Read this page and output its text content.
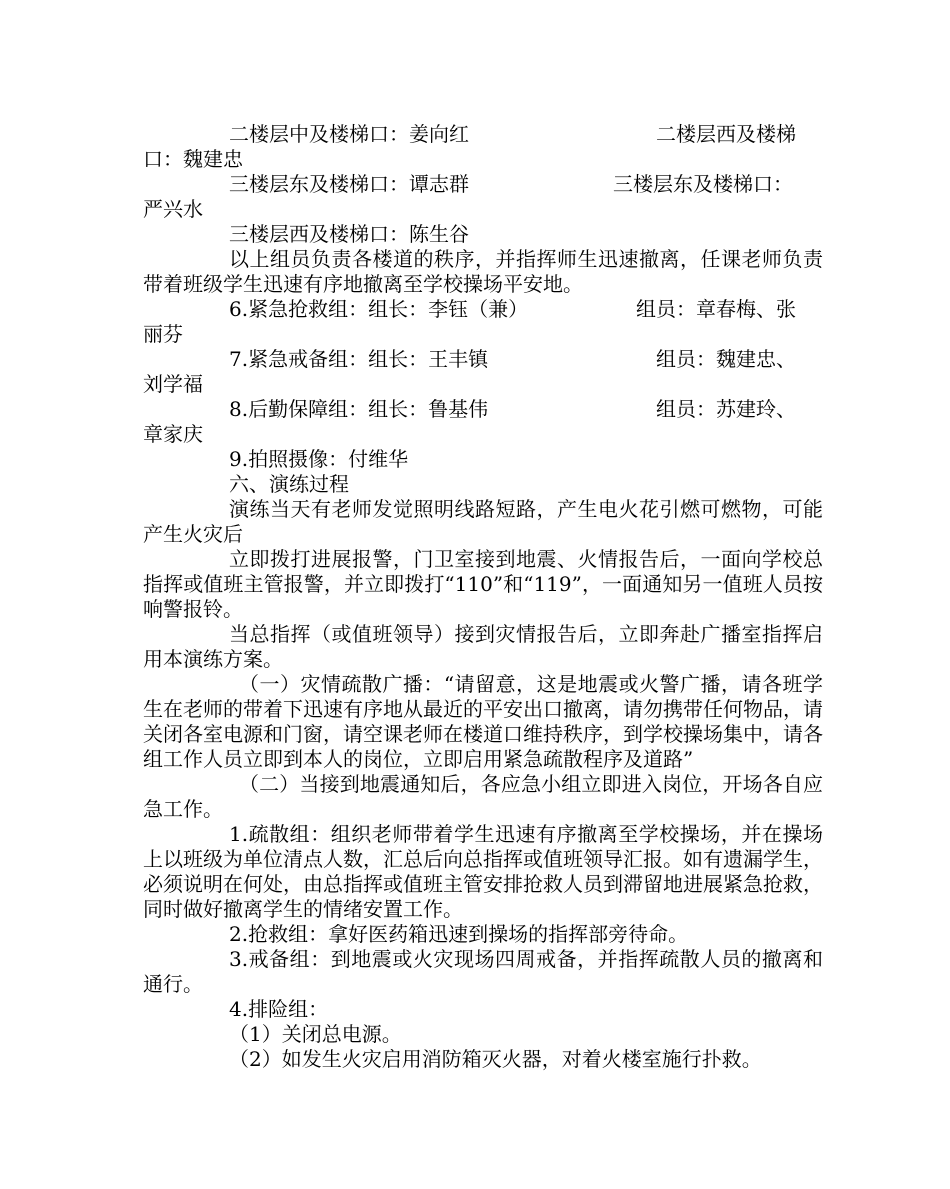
二楼层中及楼梯口：姜向红	二楼层西及楼梯
口：魏建忠
三楼层东及楼梯口：谭志群	三楼层东及楼梯口：
严兴水
三楼层西及楼梯口：陈生谷

以上组员负责各楼道的秩序，并指挥师生迅速撤离，任课老师负责带着班级学生迅速有序地撤离至学校操场平安地。

6.紧急抢救组：组长：李钰（兼）	组员：章春梅、张
丽芬
7.紧急戒备组：组长：王丰镇	组员：魏建忠、
刘学福
8.后勤保障组：组长：鲁基伟	组员：苏建玲、
章家庆
9.拍照摄像：付维华
六、演练过程

演练当天有老师发觉照明线路短路，产生电火花引燃可燃物，可能产生火灾后

立即拨打进展报警，门卫室接到地震、火情报告后，一面向学校总指挥或值班主管报警，并立即拨打“110”和“119”，一面通知另一值班人员按响警报铃。

当总指挥（或值班领导）接到灾情报告后，立即奔赴广播室指挥启用本演练方案。

（一）灾情疏散广播：“请留意，这是地震或火警广播，请各班学生在老师的带着下迅速有序地从最近的平安出口撤离，请勿携带任何物品，请关闭各室电源和门窗，请空课老师在楼道口维持秩序，到学校操场集中，请各组工作人员立即到本人的岗位，立即启用紧急疏散程序及道路”

（二）当接到地震通知后，各应急小组立即进入岗位，开场各自应急工作。

1.疏散组：组织老师带着学生迅速有序撤离至学校操场，并在操场上以班级为单位清点人数，汇总后向总指挥或值班领导汇报。如有遗漏学生，必须说明在何处，由总指挥或值班主管安排抢救人员到滞留地进展紧急抢救，同时做好撤离学生的情绪安置工作。

2.抢救组：拿好医药箱迅速到操场的指挥部旁待命。

3.戒备组：到地震或火灾现场四周戒备，并指挥疏散人员的撤离和通行。

4.排险组：

（1）关闭总电源。

（2）如发生火灾启用消防箱灭火器，对着火楼室施行扑救。
